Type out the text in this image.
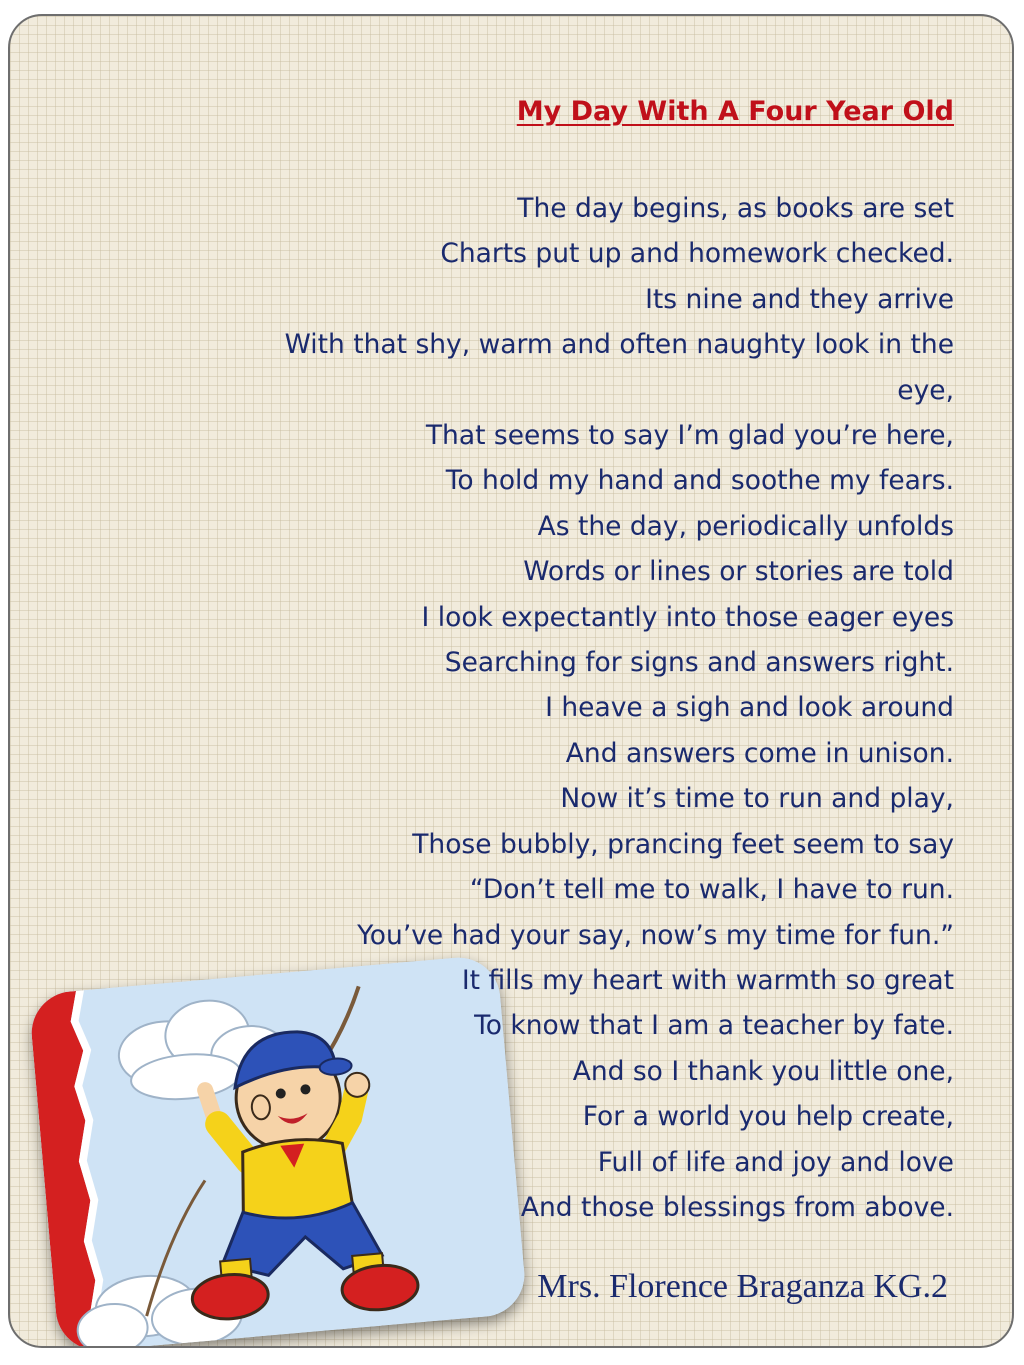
My Day With A Four Year Old
The day begins, as books are set
Charts put up and homework checked.
Its nine and they arrive
With that shy, warm and often naughty look in the
eye,
That seems to say I’m glad you’re here,
To hold my hand and soothe my fears.
As the day, periodically unfolds
Words or lines or stories are told
I look expectantly into those eager eyes
Searching for signs and answers right.
I heave a sigh and look around
And answers come in unison.
Now it’s time to run and play,
Those bubbly, prancing feet seem to say
“Don’t tell me to walk, I have to run.
You’ve had your say, now’s my time for fun.”
It fills my heart with warmth so great
To know that I am a teacher by fate.
And so I thank you little one,
For a world you help create,
Full of life and joy and love
And those blessings from above.
Mrs. Florence Braganza KG.2
